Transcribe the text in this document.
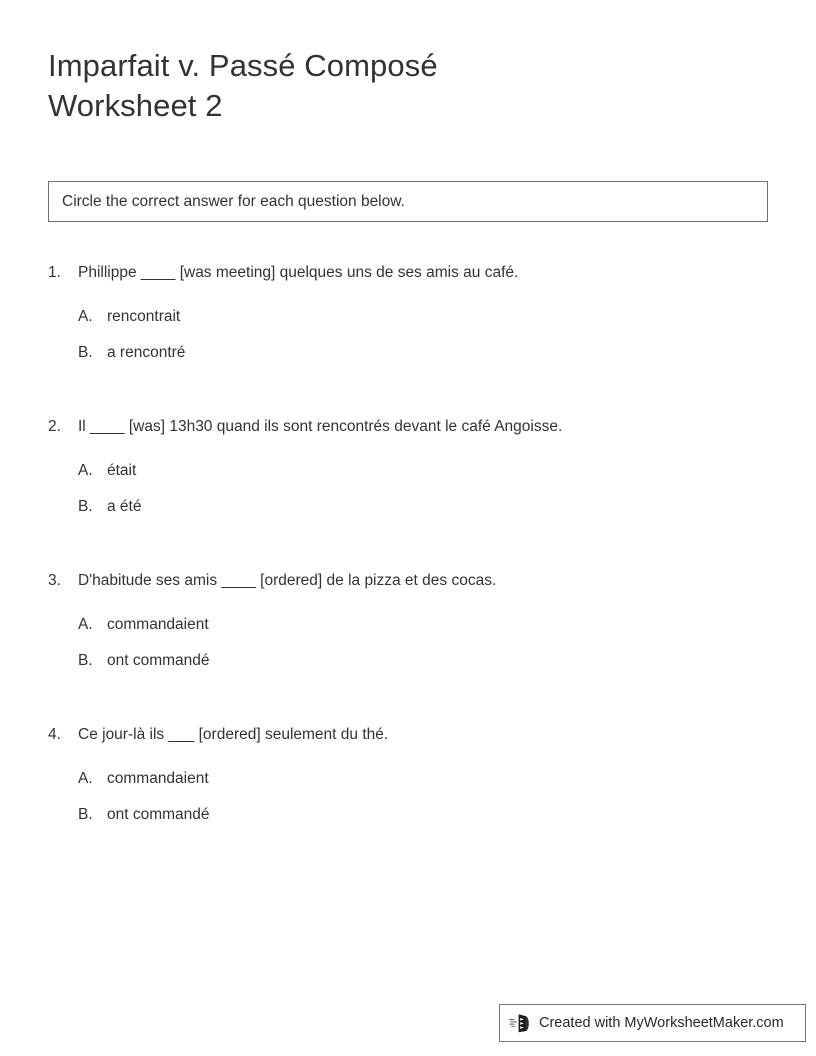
Imparfait v. Passé Composé
Worksheet 2
Circle the correct answer for each question below.
1.	Phillippe ____ [was meeting] quelques uns de ses amis au café.
A. rencontrait
B. a rencontré
2.	Il ____ [was] 13h30 quand ils sont rencontrés devant le café Angoisse.
A. était
B. a été
3.	D'habitude ses amis ____ [ordered] de la pizza et des cocas.
A. commandaient
B. ont commandé
4.	Ce jour-là ils ___ [ordered] seulement du thé.
A. commandaient
B. ont commandé
Created with MyWorksheetMaker.com
